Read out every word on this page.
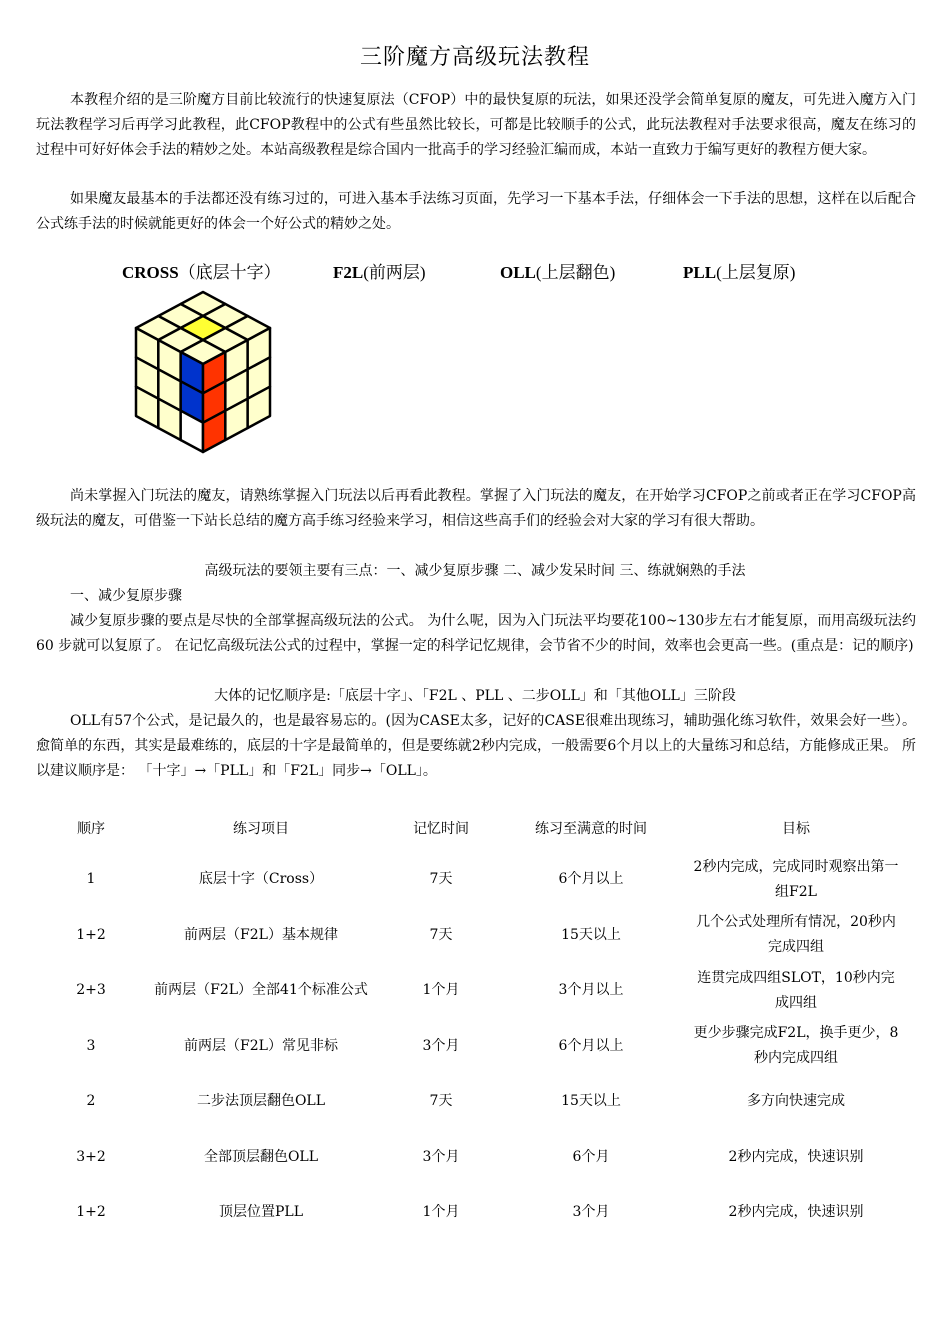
三阶魔方高级玩法教程

本教程介绍的是三阶魔方目前比较流行的快速复原法（CFOP）中的最快复原的玩法，如果还没学会简单复原的魔友，可先进入魔方入门玩法教程学习后再学习此教程，此CFOP教程中的公式有些虽然比较长，可都是比较顺手的公式，此玩法教程对手法要求很高，魔友在练习的过程中可好好体会手法的精妙之处。本站高级教程是综合国内一批高手的学习经验汇编而成，本站一直致力于编写更好的教程方便大家。

如果魔友最基本的手法都还没有练习过的，可进入基本手法练习页面，先学习一下基本手法，仔细体会一下手法的思想，这样在以后配合公式练手法的时候就能更好的体会一个好公式的精妙之处。

CROSS（底层十字）	F2L(前两层)	OLL(上层翻色)	PLL(上层复原)

尚未掌握入门玩法的魔友，请熟练掌握入门玩法以后再看此教程。掌握了入门玩法的魔友，在开始学习CFOP之前或者正在学习CFOP高级玩法的魔友，可借鉴一下站长总结的魔方高手练习经验来学习，相信这些高手们的经验会对大家的学习有很大帮助。

高级玩法的要领主要有三点：一、减少复原步骤 二、减少发呆时间 三、练就娴熟的手法

一、减少复原步骤

减少复原步骤的要点是尽快的全部掌握高级玩法的公式。 为什么呢，因为入门玩法平均要花100~130步左右才能复原，而用高级玩法约 60 步就可以复原了。 在记忆高级玩法公式的过程中，掌握一定的科学记忆规律，会节省不少的时间，效率也会更高一些。(重点是：记的顺序)

大体的记忆顺序是:「底层十字」、「F2L 、PLL 、二步OLL」和「其他OLL」三阶段

OLL有57个公式，是记最久的，也是最容易忘的。(因为CASE太多，记好的CASE很难出现练习，辅助强化练习软件，效果会好一些）。愈简单的东西，其实是最难练的，底层的十字是最简单的，但是要练就2秒内完成，一般需要6个月以上的大量练习和总结，方能修成正果。 所以建议顺序是： 「十字」→「PLL」和「F2L」同步→「OLL」。

顺序	练习项目	记忆时间	练习至满意的时间	目标
1	底层十字（Cross）	7天	6个月以上	2秒内完成，完成同时观察出第一组F2L
1+2	前两层（F2L）基本规律	7天	15天以上	几个公式处理所有情况，20秒内完成四组
2+3	前两层（F2L）全部41个标准公式	1个月	3个月以上	连贯完成四组SLOT，10秒内完成四组
3	前两层（F2L）常见非标	3个月	6个月以上	更少步骤完成F2L，换手更少，8秒内完成四组
2	二步法顶层翻色OLL	7天	15天以上	多方向快速完成
3+2	全部顶层翻色OLL	3个月	6个月	2秒内完成，快速识别
1+2	顶层位置PLL	1个月	3个月	2秒内完成，快速识别
